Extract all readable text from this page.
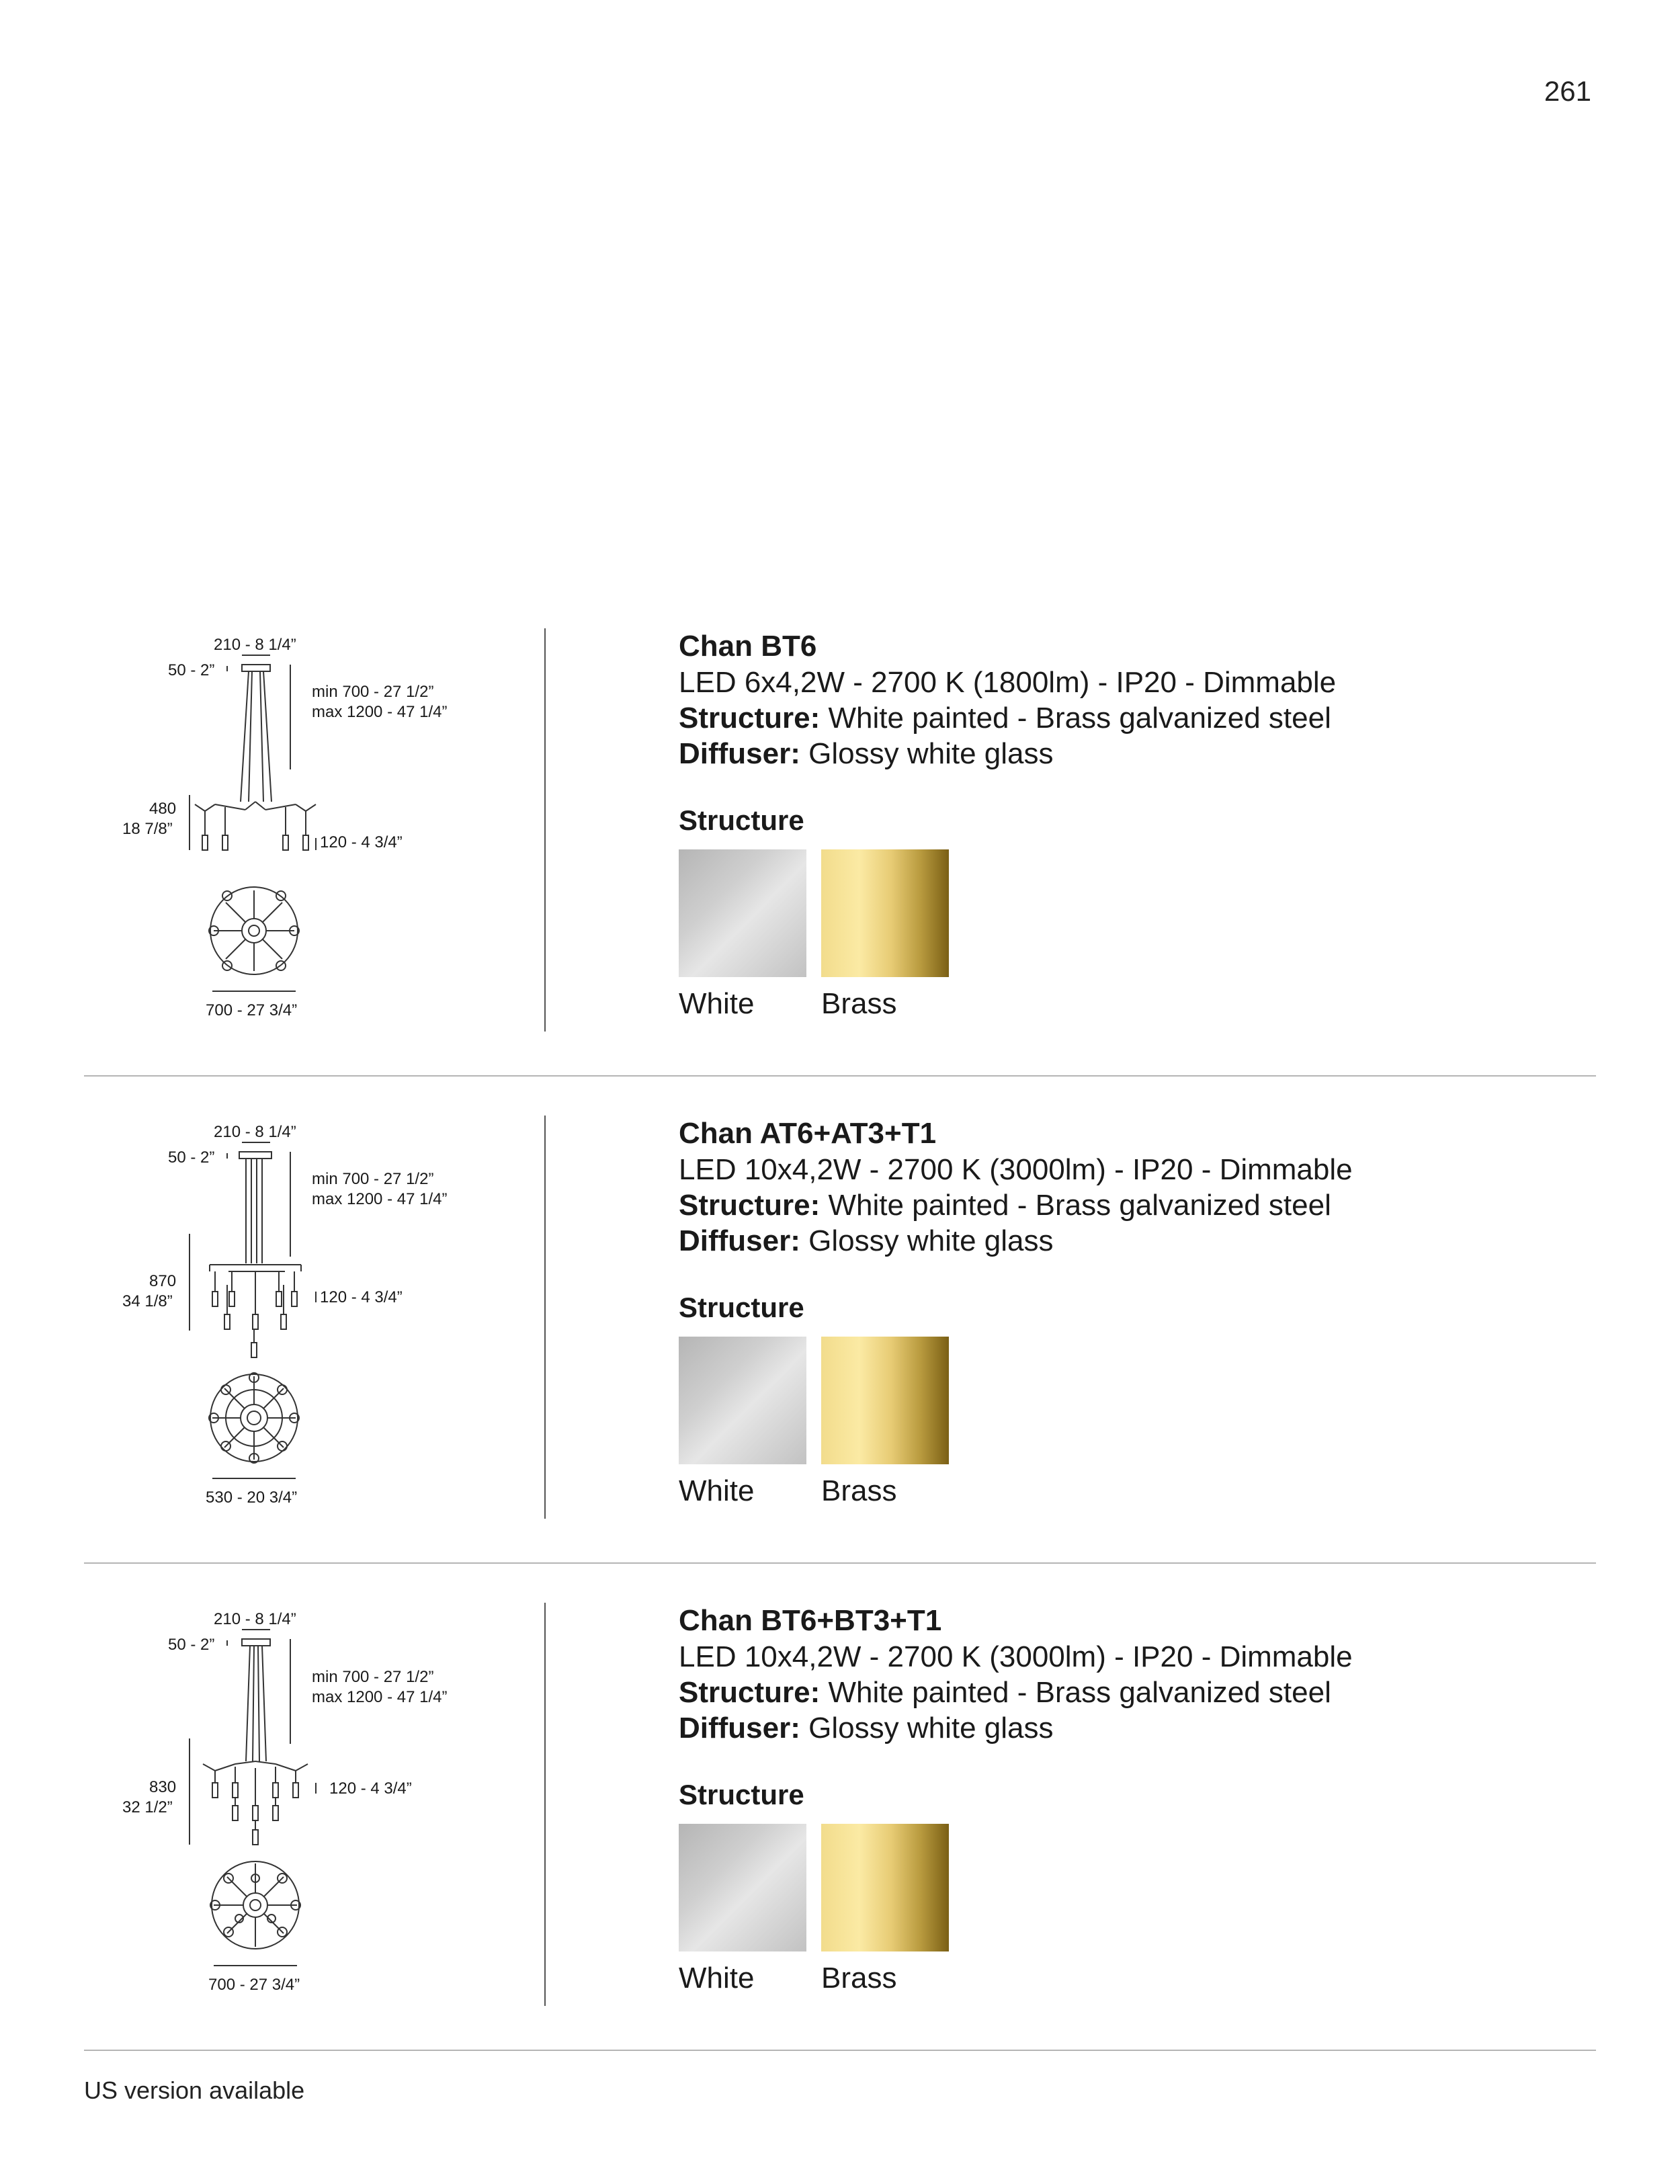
261
210 - 8 1/4”
50 - 2”
min 700 - 27 1/2”
max 1200 - 47 1/4”
480
18 7/8”
120 - 4 3/4”
700 - 27 3/4”

Chan BT6

LED 6x4,2W - 2700 K (1800lm) - IP20 - Dimmable

Structure: White painted - Brass galvanized steel

Diffuser: Glossy white glass

Structure
White Brass
210 - 8 1/4”
50 - 2”
min 700 - 27 1/2”
max 1200 - 47 1/4”
870
34 1/8”	120 - 4 3/4”
530 - 20 3/4”

Chan AT6+AT3+T1

LED 10x4,2W - 2700 K (3000lm) - IP20 - Dimmable

Structure: White painted - Brass galvanized steel

Diffuser: Glossy white glass

Structure
White Brass
210 - 8 1/4”
50 - 2”
min 700 - 27 1/2”
max 1200 - 47 1/4”
830
32 1/2”
120 - 4 3/4”
700 - 27 3/4”

Chan BT6+BT3+T1

LED 10x4,2W - 2700 K (3000lm) - IP20 - Dimmable

Structure: White painted - Brass galvanized steel

Diffuser: Glossy white glass

Structure
White Brass
US version available
